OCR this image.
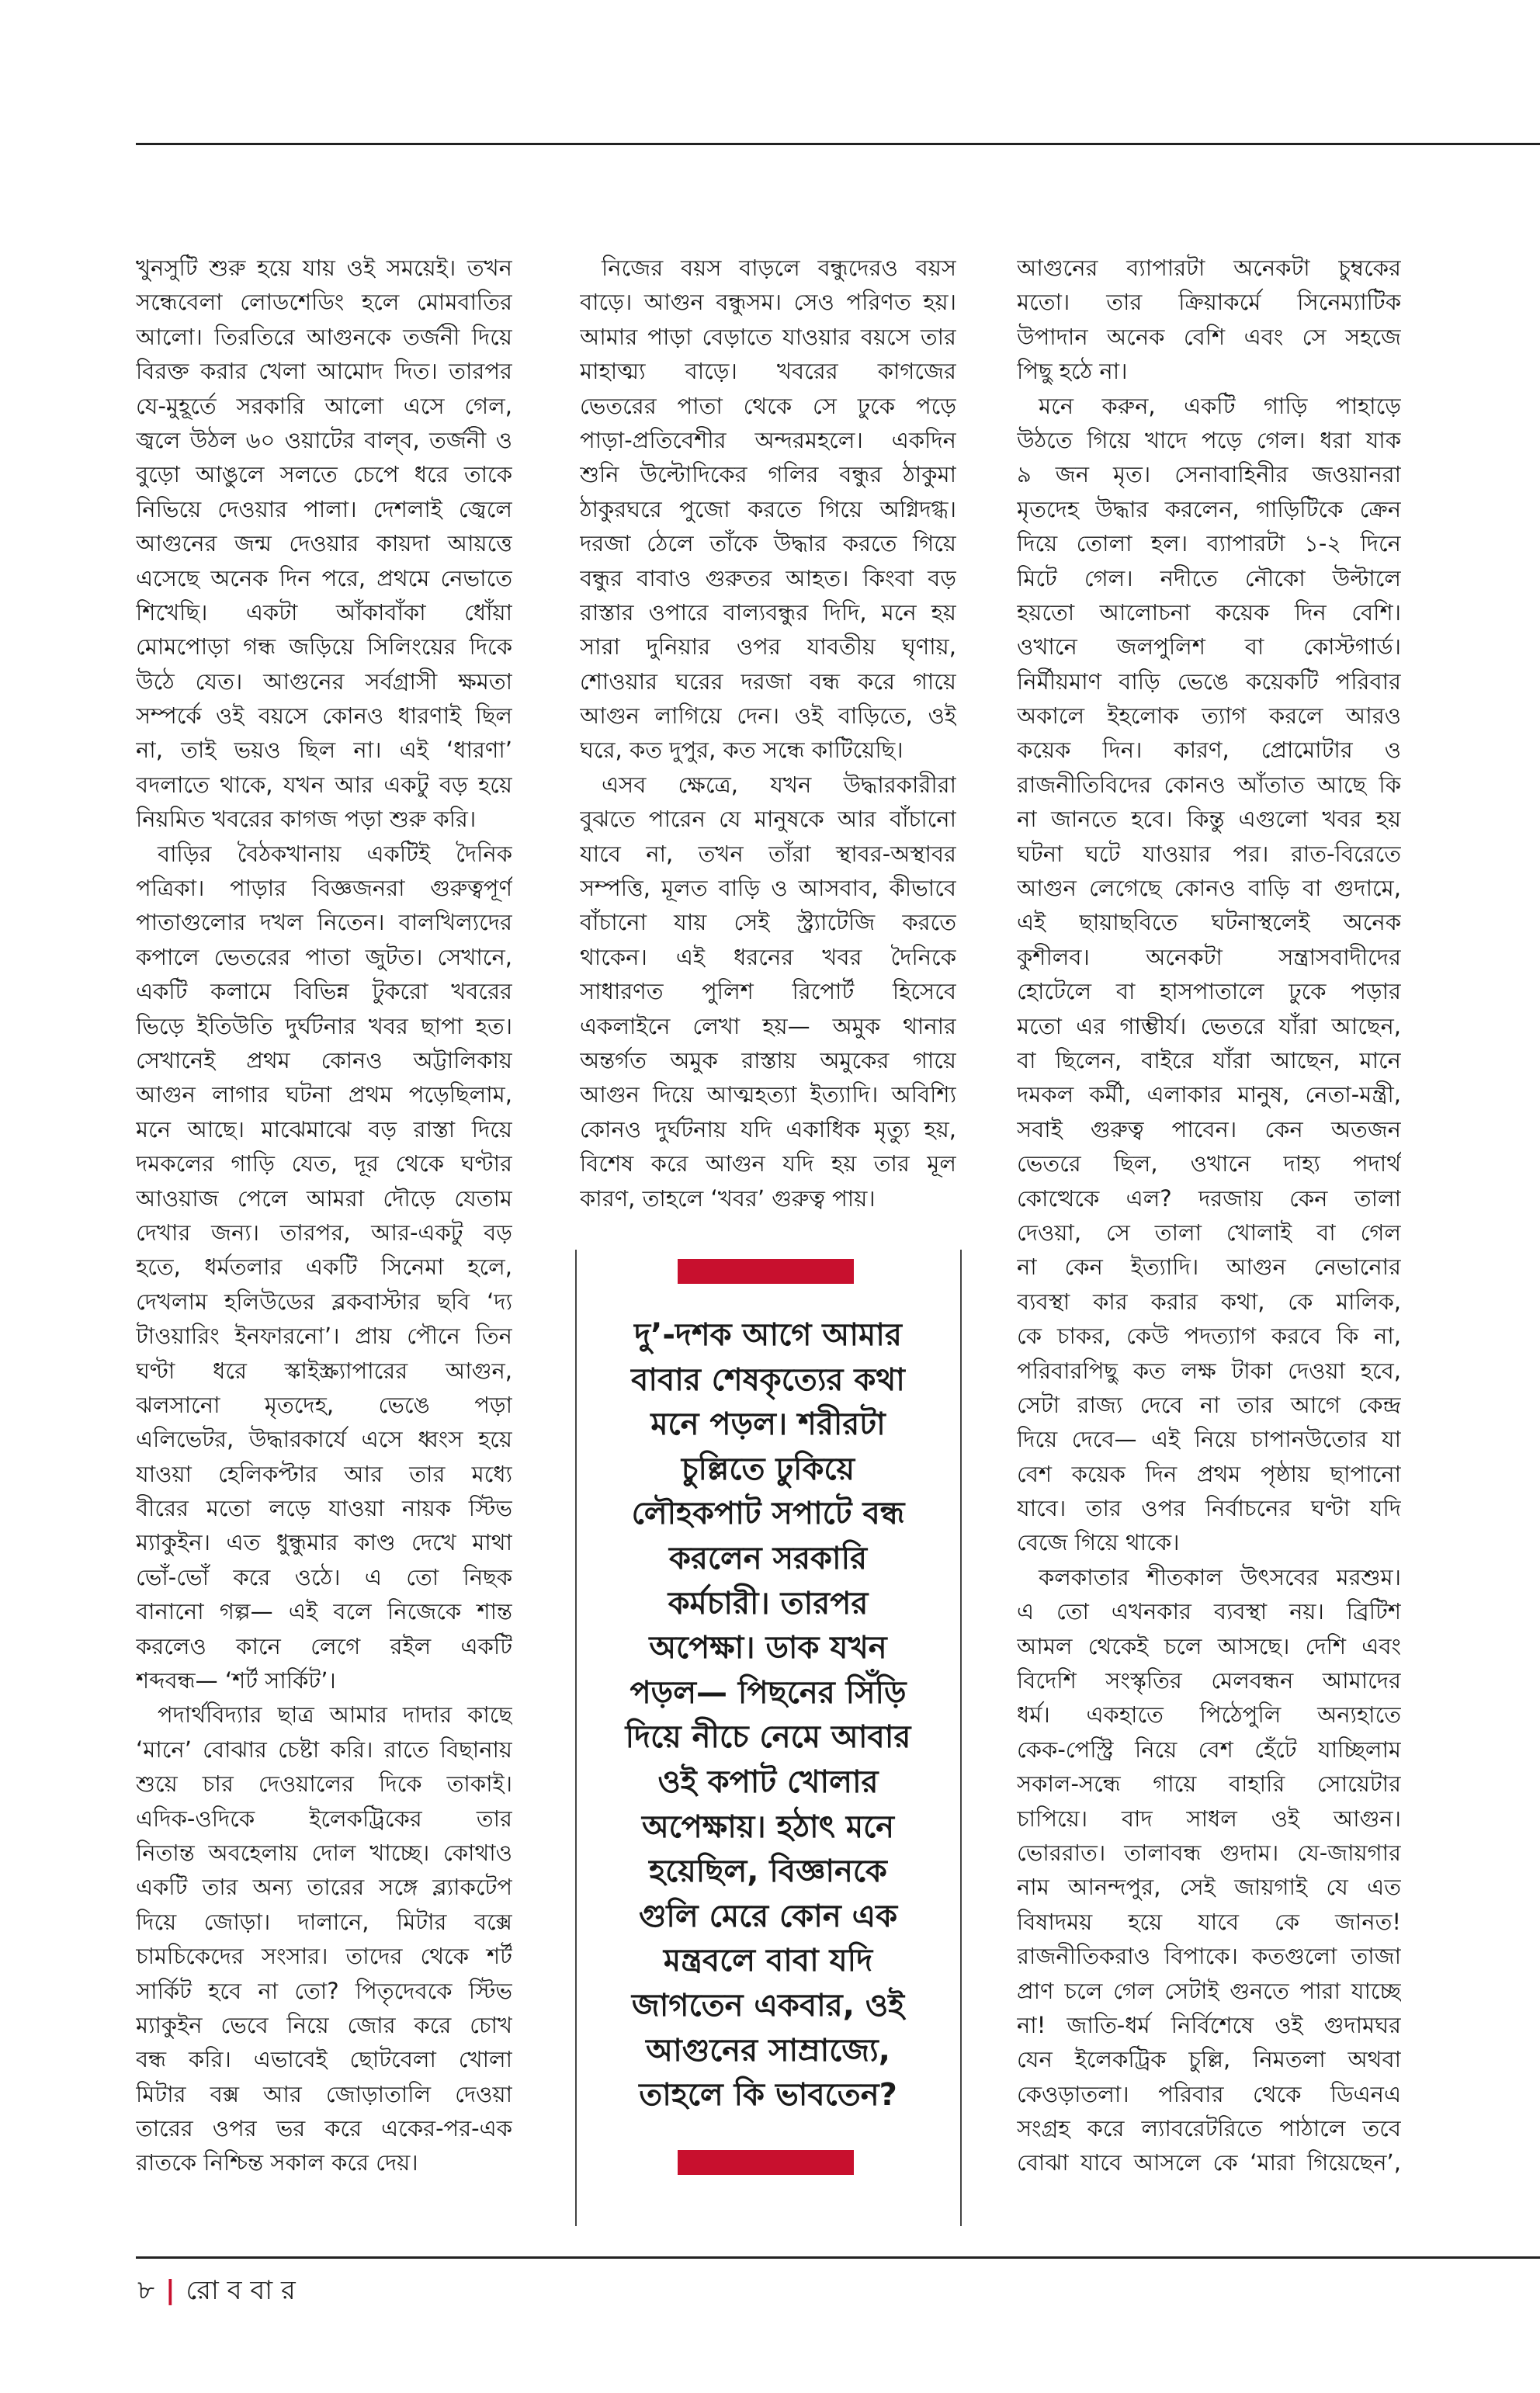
খুনসুটি শুরু হয়ে যায় ওই সময়েই। তখন
সন্ধেবেলা লোডশেডিং হলে মোমবাতির
আলো। তিরতিরে আগুনকে তর্জনী দিয়ে
বিরক্ত করার খেলা আমোদ দিত। তারপর
যে-মুহূর্তে সরকারি আলো এসে গেল,
জ্বলে উঠল ৬০ ওয়াটের বাল্‌ব, তর্জনী ও
বুড়ো আঙুলে সলতে চেপে ধরে তাকে
নিভিয়ে দেওয়ার পালা। দেশলাই জ্বেলে
আগুনের জন্ম দেওয়ার কায়দা আয়ত্তে
এসেছে অনেক দিন পরে, প্রথমে নেভাতে
শিখেছি। একটা আঁকাবাঁকা ধোঁয়া
মোমপোড়া গন্ধ জড়িয়ে সিলিংয়ের দিকে
উঠে যেত। আগুনের সর্বগ্রাসী ক্ষমতা
সম্পর্কে ওই বয়সে কোনও ধারণাই ছিল
না, তাই ভয়ও ছিল না। এই ‘ধারণা’
বদলাতে থাকে, যখন আর একটু বড় হয়ে
নিয়মিত খবরের কাগজ পড়া শুরু করি।
বাড়ির বৈঠকখানায় একটিই দৈনিক
পত্রিকা। পাড়ার বিজ্ঞজনরা গুরুত্বপূর্ণ
পাতাগুলোর দখল নিতেন। বালখিল্যদের
কপালে ভেতরের পাতা জুটত। সেখানে,
একটি কলামে বিভিন্ন টুকরো খবরের
ভিড়ে ইতিউতি দুর্ঘটনার খবর ছাপা হত।
সেখানেই প্রথম কোনও অট্টালিকায়
আগুন লাগার ঘটনা প্রথম পড়েছিলাম,
মনে আছে। মাঝেমাঝে বড় রাস্তা দিয়ে
দমকলের গাড়ি যেত, দূর থেকে ঘণ্টার
আওয়াজ পেলে আমরা দৌড়ে যেতাম
দেখার জন্য। তারপর, আর-একটু বড়
হতে, ধর্মতলার একটি সিনেমা হলে,
দেখলাম হলিউডের ব্লকবাস্টার ছবি ‘দ্য
টাওয়ারিং ইনফারনো’। প্রায় পৌনে তিন
ঘণ্টা ধরে স্কাইস্ক্র্যাপারের আগুন,
ঝলসানো মৃতদেহ, ভেঙে পড়া
এলিভেটর, উদ্ধারকার্যে এসে ধ্বংস হয়ে
যাওয়া হেলিকপ্টার আর তার মধ্যে
বীরের মতো লড়ে যাওয়া নায়ক স্টিভ
ম্যাকুইন। এত ধুন্ধুমার কাণ্ড দেখে মাথা
ভোঁ-ভোঁ করে ওঠে। এ তো নিছক
বানানো গল্প— এই বলে নিজেকে শান্ত
করলেও কানে লেগে রইল একটি
শব্দবন্ধ— ‘শর্ট সার্কিট’।
পদার্থবিদ্যার ছাত্র আমার দাদার কাছে
‘মানে’ বোঝার চেষ্টা করি। রাতে বিছানায়
শুয়ে চার দেওয়ালের দিকে তাকাই।
এদিক-ওদিকে ইলেকট্রিকের তার
নিতান্ত অবহেলায় দোল খাচ্ছে। কোথাও
একটি তার অন্য তারের সঙ্গে ব্ল্যাকটেপ
দিয়ে জোড়া। দালানে, মিটার বক্সে
চামচিকেদের সংসার। তাদের থেকে শর্ট
সার্কিট হবে না তো? পিতৃদেবকে স্টিভ
ম্যাকুইন ভেবে নিয়ে জোর করে চোখ
বন্ধ করি। এভাবেই ছোটবেলা খোলা
মিটার বক্স আর জোড়াতালি দেওয়া
তারের ওপর ভর করে একের-পর-এক
রাতকে নিশ্চিন্ত সকাল করে দেয়।
নিজের বয়স বাড়লে বন্ধুদেরও বয়স
বাড়ে। আগুন বন্ধুসম। সেও পরিণত হয়।
আমার পাড়া বেড়াতে যাওয়ার বয়সে তার
মাহাত্ম্য বাড়ে। খবরের কাগজের
ভেতরের পাতা থেকে সে ঢুকে পড়ে
পাড়া-প্রতিবেশীর অন্দরমহলে। একদিন
শুনি উল্টোদিকের গলির বন্ধুর ঠাকুমা
ঠাকুরঘরে পুজো করতে গিয়ে অগ্নিদগ্ধ।
দরজা ঠেলে তাঁকে উদ্ধার করতে গিয়ে
বন্ধুর বাবাও গুরুতর আহত। কিংবা বড়
রাস্তার ওপারে বাল্যবন্ধুর দিদি, মনে হয়
সারা দুনিয়ার ওপর যাবতীয় ঘৃণায়,
শোওয়ার ঘরের দরজা বন্ধ করে গায়ে
আগুন লাগিয়ে দেন। ওই বাড়িতে, ওই
ঘরে, কত দুপুর, কত সন্ধে কাটিয়েছি।
এসব ক্ষেত্রে, যখন উদ্ধারকারীরা
বুঝতে পারেন যে মানুষকে আর বাঁচানো
যাবে না, তখন তাঁরা স্থাবর-অস্থাবর
সম্পত্তি, মূলত বাড়ি ও আসবাব, কীভাবে
বাঁচানো যায় সেই স্ট্র্যাটেজি করতে
থাকেন। এই ধরনের খবর দৈনিকে
সাধারণত পুলিশ রিপোর্ট হিসেবে
একলাইনে লেখা হয়— অমুক থানার
অন্তর্গত অমুক রাস্তায় অমুকের গায়ে
আগুন দিয়ে আত্মহত্যা ইত্যাদি। অবিশ্যি
কোনও দুর্ঘটনায় যদি একাধিক মৃত্যু হয়,
বিশেষ করে আগুন যদি হয় তার মূল
কারণ, তাহলে ‘খবর’ গুরুত্ব পায়।
আগুনের ব্যাপারটা অনেকটা চুম্বকের
মতো। তার ক্রিয়াকর্মে সিনেম্যাটিক
উপাদান অনেক বেশি এবং সে সহজে
পিছু হঠে না।
মনে করুন, একটি গাড়ি পাহাড়ে
উঠতে গিয়ে খাদে পড়ে গেল। ধরা যাক
৯ জন মৃত। সেনাবাহিনীর জওয়ানরা
মৃতদেহ উদ্ধার করলেন, গাড়িটিকে ক্রেন
দিয়ে তোলা হল। ব্যাপারটা ১-২ দিনে
মিটে গেল। নদীতে নৌকো উল্টালে
হয়তো আলোচনা কয়েক দিন বেশি।
ওখানে জলপুলিশ বা কোস্টগার্ড।
নির্মীয়মাণ বাড়ি ভেঙে কয়েকটি পরিবার
অকালে ইহলোক ত্যাগ করলে আরও
কয়েক দিন। কারণ, প্রোমোটার ও
রাজনীতিবিদের কোনও আঁতাত আছে কি
না জানতে হবে। কিন্তু এগুলো খবর হয়
ঘটনা ঘটে যাওয়ার পর। রাত-বিরেতে
আগুন লেগেছে কোনও বাড়ি বা গুদামে,
এই ছায়াছবিতে ঘটনাস্থলেই অনেক
কুশীলব। অনেকটা সন্ত্রাসবাদীদের
হোটেলে বা হাসপাতালে ঢুকে পড়ার
মতো এর গাম্ভীর্য। ভেতরে যাঁরা আছেন,
বা ছিলেন, বাইরে যাঁরা আছেন, মানে
দমকল কর্মী, এলাকার মানুষ, নেতা-মন্ত্রী,
সবাই গুরুত্ব পাবেন। কেন অতজন
ভেতরে ছিল, ওখানে দাহ্য পদার্থ
কোত্থেকে এল? দরজায় কেন তালা
দেওয়া, সে তালা খোলাই বা গেল
না কেন ইত্যাদি। আগুন নেভানোর
ব্যবস্থা কার করার কথা, কে মালিক,
কে চাকর, কেউ পদত্যাগ করবে কি না,
পরিবারপিছু কত লক্ষ টাকা দেওয়া হবে,
সেটা রাজ্য দেবে না তার আগে কেন্দ্র
দিয়ে দেবে— এই নিয়ে চাপানউতোর যা
বেশ কয়েক দিন প্রথম পৃষ্ঠায় ছাপানো
যাবে। তার ওপর নির্বাচনের ঘণ্টা যদি
বেজে গিয়ে থাকে।
কলকাতার শীতকাল উৎসবের মরশুম।
এ তো এখনকার ব্যবস্থা নয়। ব্রিটিশ
আমল থেকেই চলে আসছে। দেশি এবং
বিদেশি সংস্কৃতির মেলবন্ধন আমাদের
ধর্ম। একহাতে পিঠেপুলি অন্যহাতে
কেক-পেস্ট্রি নিয়ে বেশ হেঁটে যাচ্ছিলাম
সকাল-সন্ধে গায়ে বাহারি সোয়েটার
চাপিয়ে। বাদ সাধল ওই আগুন।
ভোররাত। তালাবন্ধ গুদাম। যে-জায়গার
নাম আনন্দপুর, সেই জায়গাই যে এত
বিষাদময় হয়ে যাবে কে জানত!
রাজনীতিকরাও বিপাকে। কতগুলো তাজা
প্রাণ চলে গেল সেটাই গুনতে পারা যাচ্ছে
না! জাতি-ধর্ম নির্বিশেষে ওই গুদামঘর
যেন ইলেকট্রিক চুল্লি, নিমতলা অথবা
কেওড়াতলা। পরিবার থেকে ডিএনএ
সংগ্রহ করে ল্যাবরেটরিতে পাঠালে তবে
বোঝা যাবে আসলে কে ‘মারা গিয়েছেন’,
দু’-দশক আগে আমার
বাবার শেষকৃত্যের কথা
মনে পড়ল। শরীরটা
চুল্লিতে ঢুকিয়ে
লৌহকপাট সপাটে বন্ধ
করলেন সরকারি
কর্মচারী। তারপর
অপেক্ষা। ডাক যখন
পড়ল— পিছনের সিঁড়ি
দিয়ে নীচে নেমে আবার
ওই কপাট খোলার
অপেক্ষায়। হঠাৎ মনে
হয়েছিল, বিজ্ঞানকে
গুলি মেরে কোন এক
মন্ত্রবলে বাবা যদি
জাগতেন একবার, ওই
আগুনের সাম্রাজ্যে,
তাহলে কি ভাবতেন?
৮ | রো ব বা র
